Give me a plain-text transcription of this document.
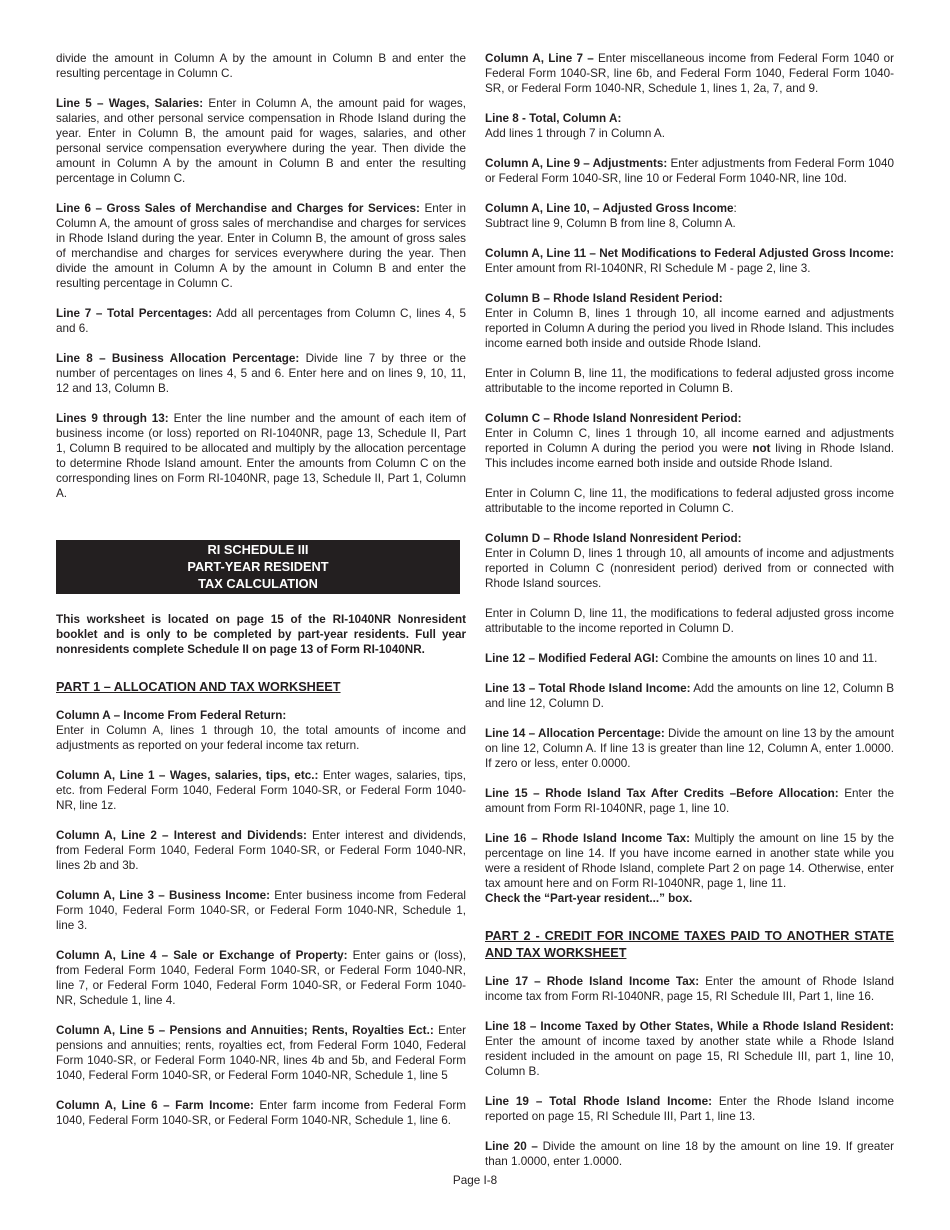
divide the amount in Column A by the amount in Column B and enter the resulting percentage in Column C.

Line 5 – Wages, Salaries: Enter in Column A, the amount paid for wages, salaries, and other personal service compensation in Rhode Island during the year. Enter in Column B, the amount paid for wages, salaries, and other personal service compensation everywhere during the year. Then divide the amount in Column A by the amount in Column B and enter the resulting percentage in Column C.

Line 6 – Gross Sales of Merchandise and Charges for Services: Enter in Column A, the amount of gross sales of merchandise and charges for services in Rhode Island during the year. Enter in Column B, the amount of gross sales of merchandise and charges for services everywhere during the year. Then divide the amount in Column A by the amount in Column B and enter the resulting percentage in Column C.

Line 7 – Total Percentages: Add all percentages from Column C, lines 4, 5 and 6.

Line 8 – Business Allocation Percentage: Divide line 7 by three or the number of percentages on lines 4, 5 and 6. Enter here and on lines 9, 10, 11, 12 and 13, Column B.

Lines 9 through 13: Enter the line number and the amount of each item of business income (or loss) reported on RI-1040NR, page 13, Schedule II, Part 1, Column B required to be allocated and multiply by the allocation percentage to determine Rhode Island amount. Enter the amounts from Column C on the corresponding lines on Form RI-1040NR, page 13, Schedule II, Part 1, Column A.

RI SCHEDULE III
PART-YEAR RESIDENT
TAX CALCULATION

This worksheet is located on page 15 of the RI-1040NR Nonresident booklet and is only to be completed by part-year residents. Full year nonresidents complete Schedule II on page 13 of Form RI-1040NR.

PART 1 – ALLOCATION AND TAX WORKSHEET

Column A – Income From Federal Return:
Enter in Column A, lines 1 through 10, the total amounts of income and adjustments as reported on your federal income tax return.

Column A, Line 1 – Wages, salaries, tips, etc.: Enter wages, salaries, tips, etc. from Federal Form 1040, Federal Form 1040-SR, or Federal Form 1040-NR, line 1z.

Column A, Line 2 – Interest and Dividends: Enter interest and dividends, from Federal Form 1040, Federal Form 1040-SR, or Federal Form 1040-NR, lines 2b and 3b.

Column A, Line 3 – Business Income: Enter business income from Federal Form 1040, Federal Form 1040-SR, or Federal Form 1040-NR, Schedule 1, line 3.

Column A, Line 4 – Sale or Exchange of Property: Enter gains or (loss), from Federal Form 1040, Federal Form 1040-SR, or Federal Form 1040-NR, line 7, or Federal Form 1040, Federal Form 1040-SR, or Federal Form 1040-NR, Schedule 1, line 4.

Column A, Line 5 – Pensions and Annuities; Rents, Royalties Ect.: Enter pensions and annuities; rents, royalties ect, from Federal Form 1040, Federal Form 1040-SR, or Federal Form 1040-NR, lines 4b and 5b, and Federal Form 1040, Federal Form 1040-SR, or Federal Form 1040-NR, Schedule 1, line 5

Column A, Line 6 – Farm Income: Enter farm income from Federal Form 1040, Federal Form 1040-SR, or Federal Form 1040-NR, Schedule 1, line 6.

Column A, Line 7 – Enter miscellaneous income from Federal Form 1040 or Federal Form 1040-SR, line 6b, and Federal Form 1040, Federal Form 1040-SR, or Federal Form 1040-NR, Schedule 1, lines 1, 2a, 7, and 9.

Line 8 - Total, Column A:
Add lines 1 through 7 in Column A.

Column A, Line 9 – Adjustments: Enter adjustments from Federal Form 1040 or Federal Form 1040-SR, line 10 or Federal Form 1040-NR, line 10d.

Column A, Line 10, – Adjusted Gross Income:
Subtract line 9, Column B from line 8, Column A.

Column A, Line 11 – Net Modifications to Federal Adjusted Gross Income: Enter amount from RI-1040NR, RI Schedule M - page 2, line 3.

Column B – Rhode Island Resident Period:
Enter in Column B, lines 1 through 10, all income earned and adjustments reported in Column A during the period you lived in Rhode Island. This includes income earned both inside and outside Rhode Island.

Enter in Column B, line 11, the modifications to federal adjusted gross income attributable to the income reported in Column B.

Column C – Rhode Island Nonresident Period:
Enter in Column C, lines 1 through 10, all income earned and adjustments reported in Column A during the period you were not living in Rhode Island. This includes income earned both inside and outside Rhode Island.

Enter in Column C, line 11, the modifications to federal adjusted gross income attributable to the income reported in Column C.

Column D – Rhode Island Nonresident Period:
Enter in Column D, lines 1 through 10, all amounts of income and adjustments reported in Column C (nonresident period) derived from or connected with Rhode Island sources.

Enter in Column D, line 11, the modifications to federal adjusted gross income attributable to the income reported in Column D.

Line 12 – Modified Federal AGI: Combine the amounts on lines 10 and 11.

Line 13 – Total Rhode Island Income: Add the amounts on line 12, Column B and line 12, Column D.

Line 14 – Allocation Percentage: Divide the amount on line 13 by the amount on line 12, Column A. If line 13 is greater than line 12, Column A, enter 1.0000. If zero or less, enter 0.0000.

Line 15 – Rhode Island Tax After Credits –Before Allocation: Enter the amount from Form RI-1040NR, page 1, line 10.

Line 16 – Rhode Island Income Tax: Multiply the amount on line 15 by the percentage on line 14. If you have income earned in another state while you were a resident of Rhode Island, complete Part 2 on page 14. Otherwise, enter tax amount here and on Form RI-1040NR, page 1, line 11.
Check the “Part-year resident...” box.

PART 2 - CREDIT FOR INCOME TAXES PAID TO ANOTHER STATE AND TAX WORKSHEET

Line 17 – Rhode Island Income Tax: Enter the amount of Rhode Island income tax from Form RI-1040NR, page 15, RI Schedule III, Part 1, line 16.

Line 18 – Income Taxed by Other States, While a Rhode Island Resident: Enter the amount of income taxed by another state while a Rhode Island resident included in the amount on page 15, RI Schedule III, part 1, line 10, Column B.

Line 19 – Total Rhode Island Income: Enter the Rhode Island income reported on page 15, RI Schedule III, Part 1, line 13.

Line 20 – Divide the amount on line 18 by the amount on line 19. If greater than 1.0000, enter 1.0000.

Page I-8
